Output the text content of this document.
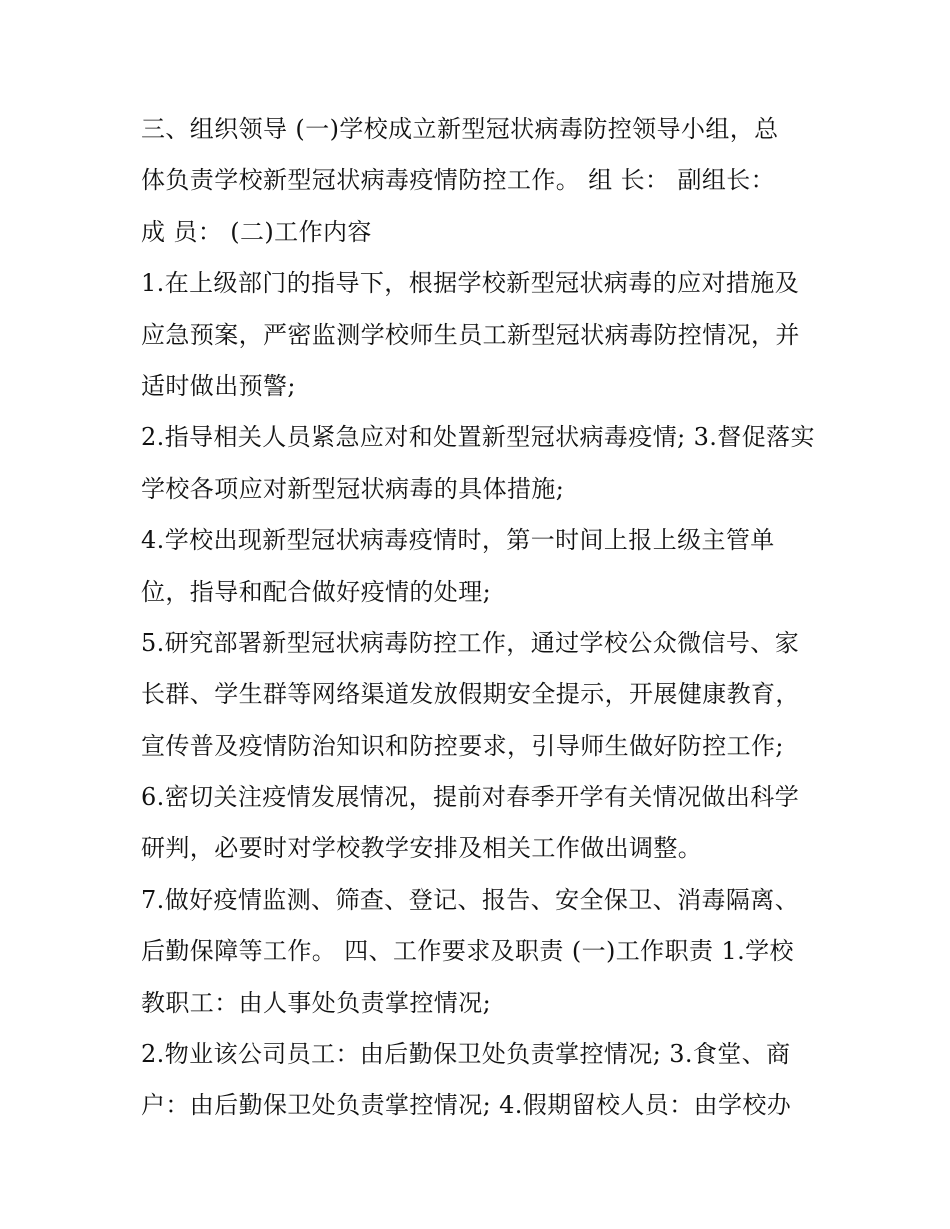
三、组织领导 (一)学校成立新型冠状病毒防控领导小组，总
体负责学校新型冠状病毒疫情防控工作。 组 长： 副组长：
成 员： (二)工作内容
1.在上级部门的指导下，根据学校新型冠状病毒的应对措施及
应急预案，严密监测学校师生员工新型冠状病毒防控情况，并
适时做出预警;
2.指导相关人员紧急应对和处置新型冠状病毒疫情; 3.督促落实
学校各项应对新型冠状病毒的具体措施;
4.学校出现新型冠状病毒疫情时，第一时间上报上级主管单
位，指导和配合做好疫情的处理;
5.研究部署新型冠状病毒防控工作，通过学校公众微信号、家
长群、学生群等网络渠道发放假期安全提示，开展健康教育，
宣传普及疫情防治知识和防控要求，引导师生做好防控工作;
6.密切关注疫情发展情况，提前对春季开学有关情况做出科学
研判，必要时对学校教学安排及相关工作做出调整。
7.做好疫情监测、筛查、登记、报告、安全保卫、消毒隔离、
后勤保障等工作。 四、工作要求及职责 (一)工作职责 1.学校
教职工：由人事处负责掌控情况;
2.物业该公司员工：由后勤保卫处负责掌控情况; 3.食堂、商
户：由后勤保卫处负责掌控情况; 4.假期留校人员：由学校办
